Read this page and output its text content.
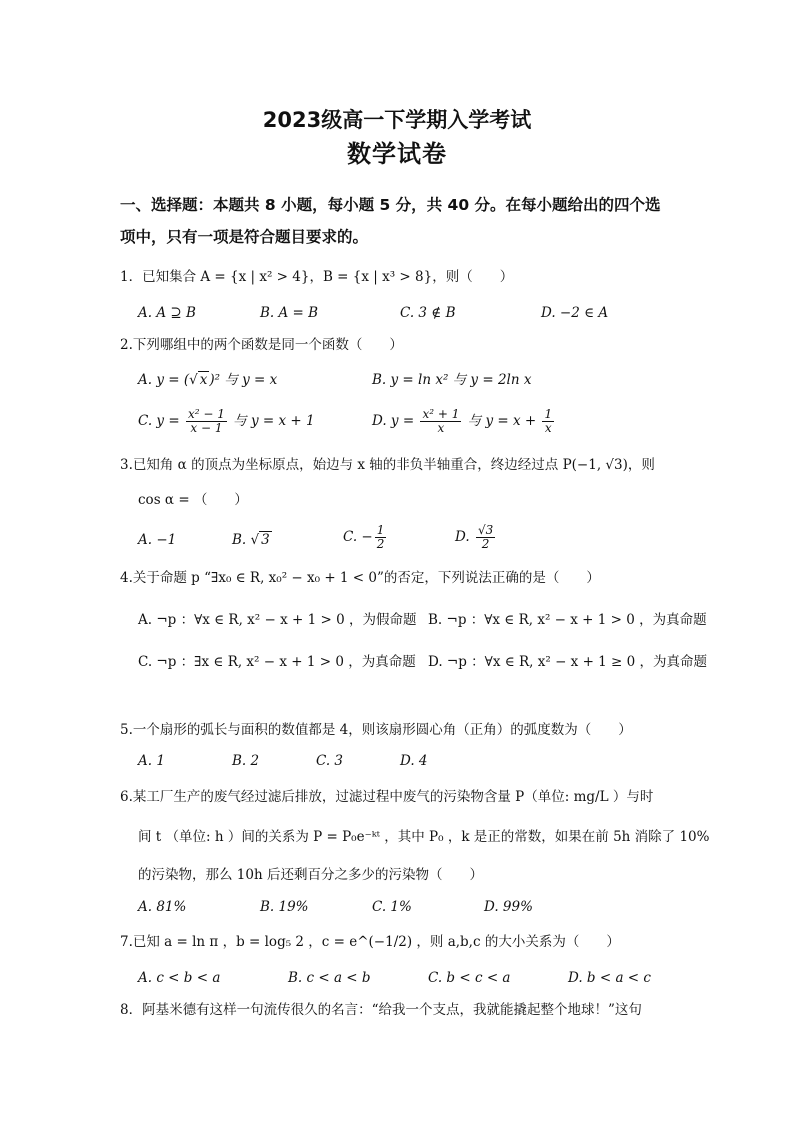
2023级高一下学期入学考试
数学试卷
一、选择题：本题共 8 小题，每小题 5 分，共 40 分。在每小题给出的四个选
项中，只有一项是符合题目要求的。
1．已知集合 A = {x | x² > 4}，B = {x | x³ > 8}，则（　　）
A. A ⊇ B	B. A = B	C. 3 ∉ B	D. −2 ∈ A
2.下列哪组中的两个函数是同一个函数（　　）
A. y = (√ x )² 与 y = x	B. y = ln x² 与 y = 2ln x
C. $y = \frac{\text{x² − 1}}{x - 1}$ 与 y = x + 1	D. $y = \frac{\text{x² + 1}}{x}$ 与 $y = x + \frac{1}{x}$
3.已知角 α 的顶点为坐标原点，始边与 x 轴的非负半轴重合，终边经过点 P(−1, √3)，则
cos α = （　　）
A. −1	B. √ 3	C. − $\frac{1}{2}$	D. $\frac{√3}{2}$
4.关于命题 p “∃x₀ ∈ R, x₀² − x₀ + 1 < 0”的否定，下列说法正确的是（　　）
A. ¬p ：∀x ∈ R, x² − x + 1 > 0 ，为假命题 B. ¬p ：∀x ∈ R, x² − x + 1 > 0 ，为真命题
C. ¬p ：∃x ∈ R, x² − x + 1 > 0 ，为真命题 D. ¬p ：∀x ∈ R, x² − x + 1 ≥ 0 ，为真命题
5.一个扇形的弧长与面积的数值都是 4，则该扇形圆心角（正角）的弧度数为（　　）
A. 1	B. 2	C. 3	D. 4
6.某工厂生产的废气经过滤后排放，过滤过程中废气的污染物含量 P（单位: mg/L ）与时
间 t （单位: h ）间的关系为 P = P₀e⁻ᵏᵗ ，其中 P₀ ，k 是正的常数，如果在前 5h 消除了 10%
的污染物，那么 10h 后还剩百分之多少的污染物（　　）
A. 81%	B. 19%	C. 1%	D. 99%
7.已知 a = ln π ，b = log₅ 2 ，c = e^(−1/2) ，则 a,b,c 的大小关系为（　　）
A. c < b < a	B. c < a < b	C. b < c < a	D. b < a < c
8．阿基米德有这样一句流传很久的名言：“给我一个支点，我就能撬起整个地球！”这句
